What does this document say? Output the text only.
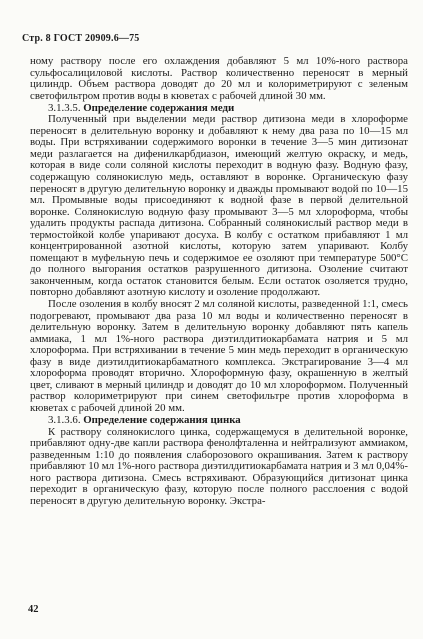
Стр. 8 ГОСТ 20909.6—75

ному раствору после его охлаждения добавляют 5 мл 10%-ного раствора сульфосалициловой кислоты. Раствор количественно переносят в мерный цилиндр. Объем раствора доводят до 20 мл и колориметрируют с зеленым светофильтром против воды в кюветах с рабочей длиной 30 мм.

3.1.3.5. Определение содержания меди

Полученный при выделении меди раствор дитизона меди в хлороформе переносят в делительную воронку и добавляют к нему два раза по 10—15 мл воды. При встряхивании содержимого воронки в течение 3—5 мин дитизонат меди разлагается на дифенилкарбдиазон, имеющий желтую окраску, и медь, которая в виде соли соляной кислоты переходит в водную фазу. Водную фазу, содержащую солянокислую медь, оставляют в воронке. Органическую фазу переносят в другую делительную воронку и дважды промывают водой по 10—15 мл. Промывные воды присоединяют к водной фазе в первой делительной воронке. Солянокислую водную фазу промывают 3—5 мл хлороформа, чтобы удалить продукты распада дитизона. Собранный солянокислый раствор меди в термостойкой колбе упаривают досуха. В колбу с остатком прибавляют 1 мл концентрированной азотной кислоты, которую затем упаривают. Колбу помещают в муфельную печь и содержимое ее озоляют при температуре 500°С до полного выгорания остатков разрушенного дитизона. Озоление считают законченным, когда остаток становится белым. Если остаток озоляется трудно, повторно добавляют азотную кислоту и озоление продолжают.

После озоления в колбу вносят 2 мл соляной кислоты, разведенной 1:1, смесь подогревают, промывают два раза 10 мл воды и количественно переносят в делительную воронку. Затем в делительную воронку добавляют пять капель аммиака, 1 мл 1%-ного раствора диэтилдитиокарбамата натрия и 5 мл хлороформа. При встряхивании в течение 5 мин медь переходит в органическую фазу в виде диэтилдитиокарбаматного комплекса. Экстрагирование 3—4 мл хлороформа проводят вторично. Хлороформную фазу, окрашенную в желтый цвет, сливают в мерный цилиндр и доводят до 10 мл хлороформом. Полученный раствор колориметрируют при синем светофильтре против хлороформа в кюветах с рабочей длиной 20 мм.

3.1.3.6. Определение содержания цинка

К раствору солянокислого цинка, содержащемуся в делительной воронке, прибавляют одну-две капли раствора фенолфталенна и нейтрализуют аммиаком, разведенным 1:10 до появления слаборозового окрашивания. Затем к раствору прибавляют 10 мл 1%-ного раствора диэтилдитиокарбамата натрия и 3 мл 0,04%-ного раствора дитизона. Смесь встряхивают. Образующийся дитизонат цинка переходит в органическую фазу, которую после полного расслоения с водой переносят в другую делительную воронку. Экстра-

42
